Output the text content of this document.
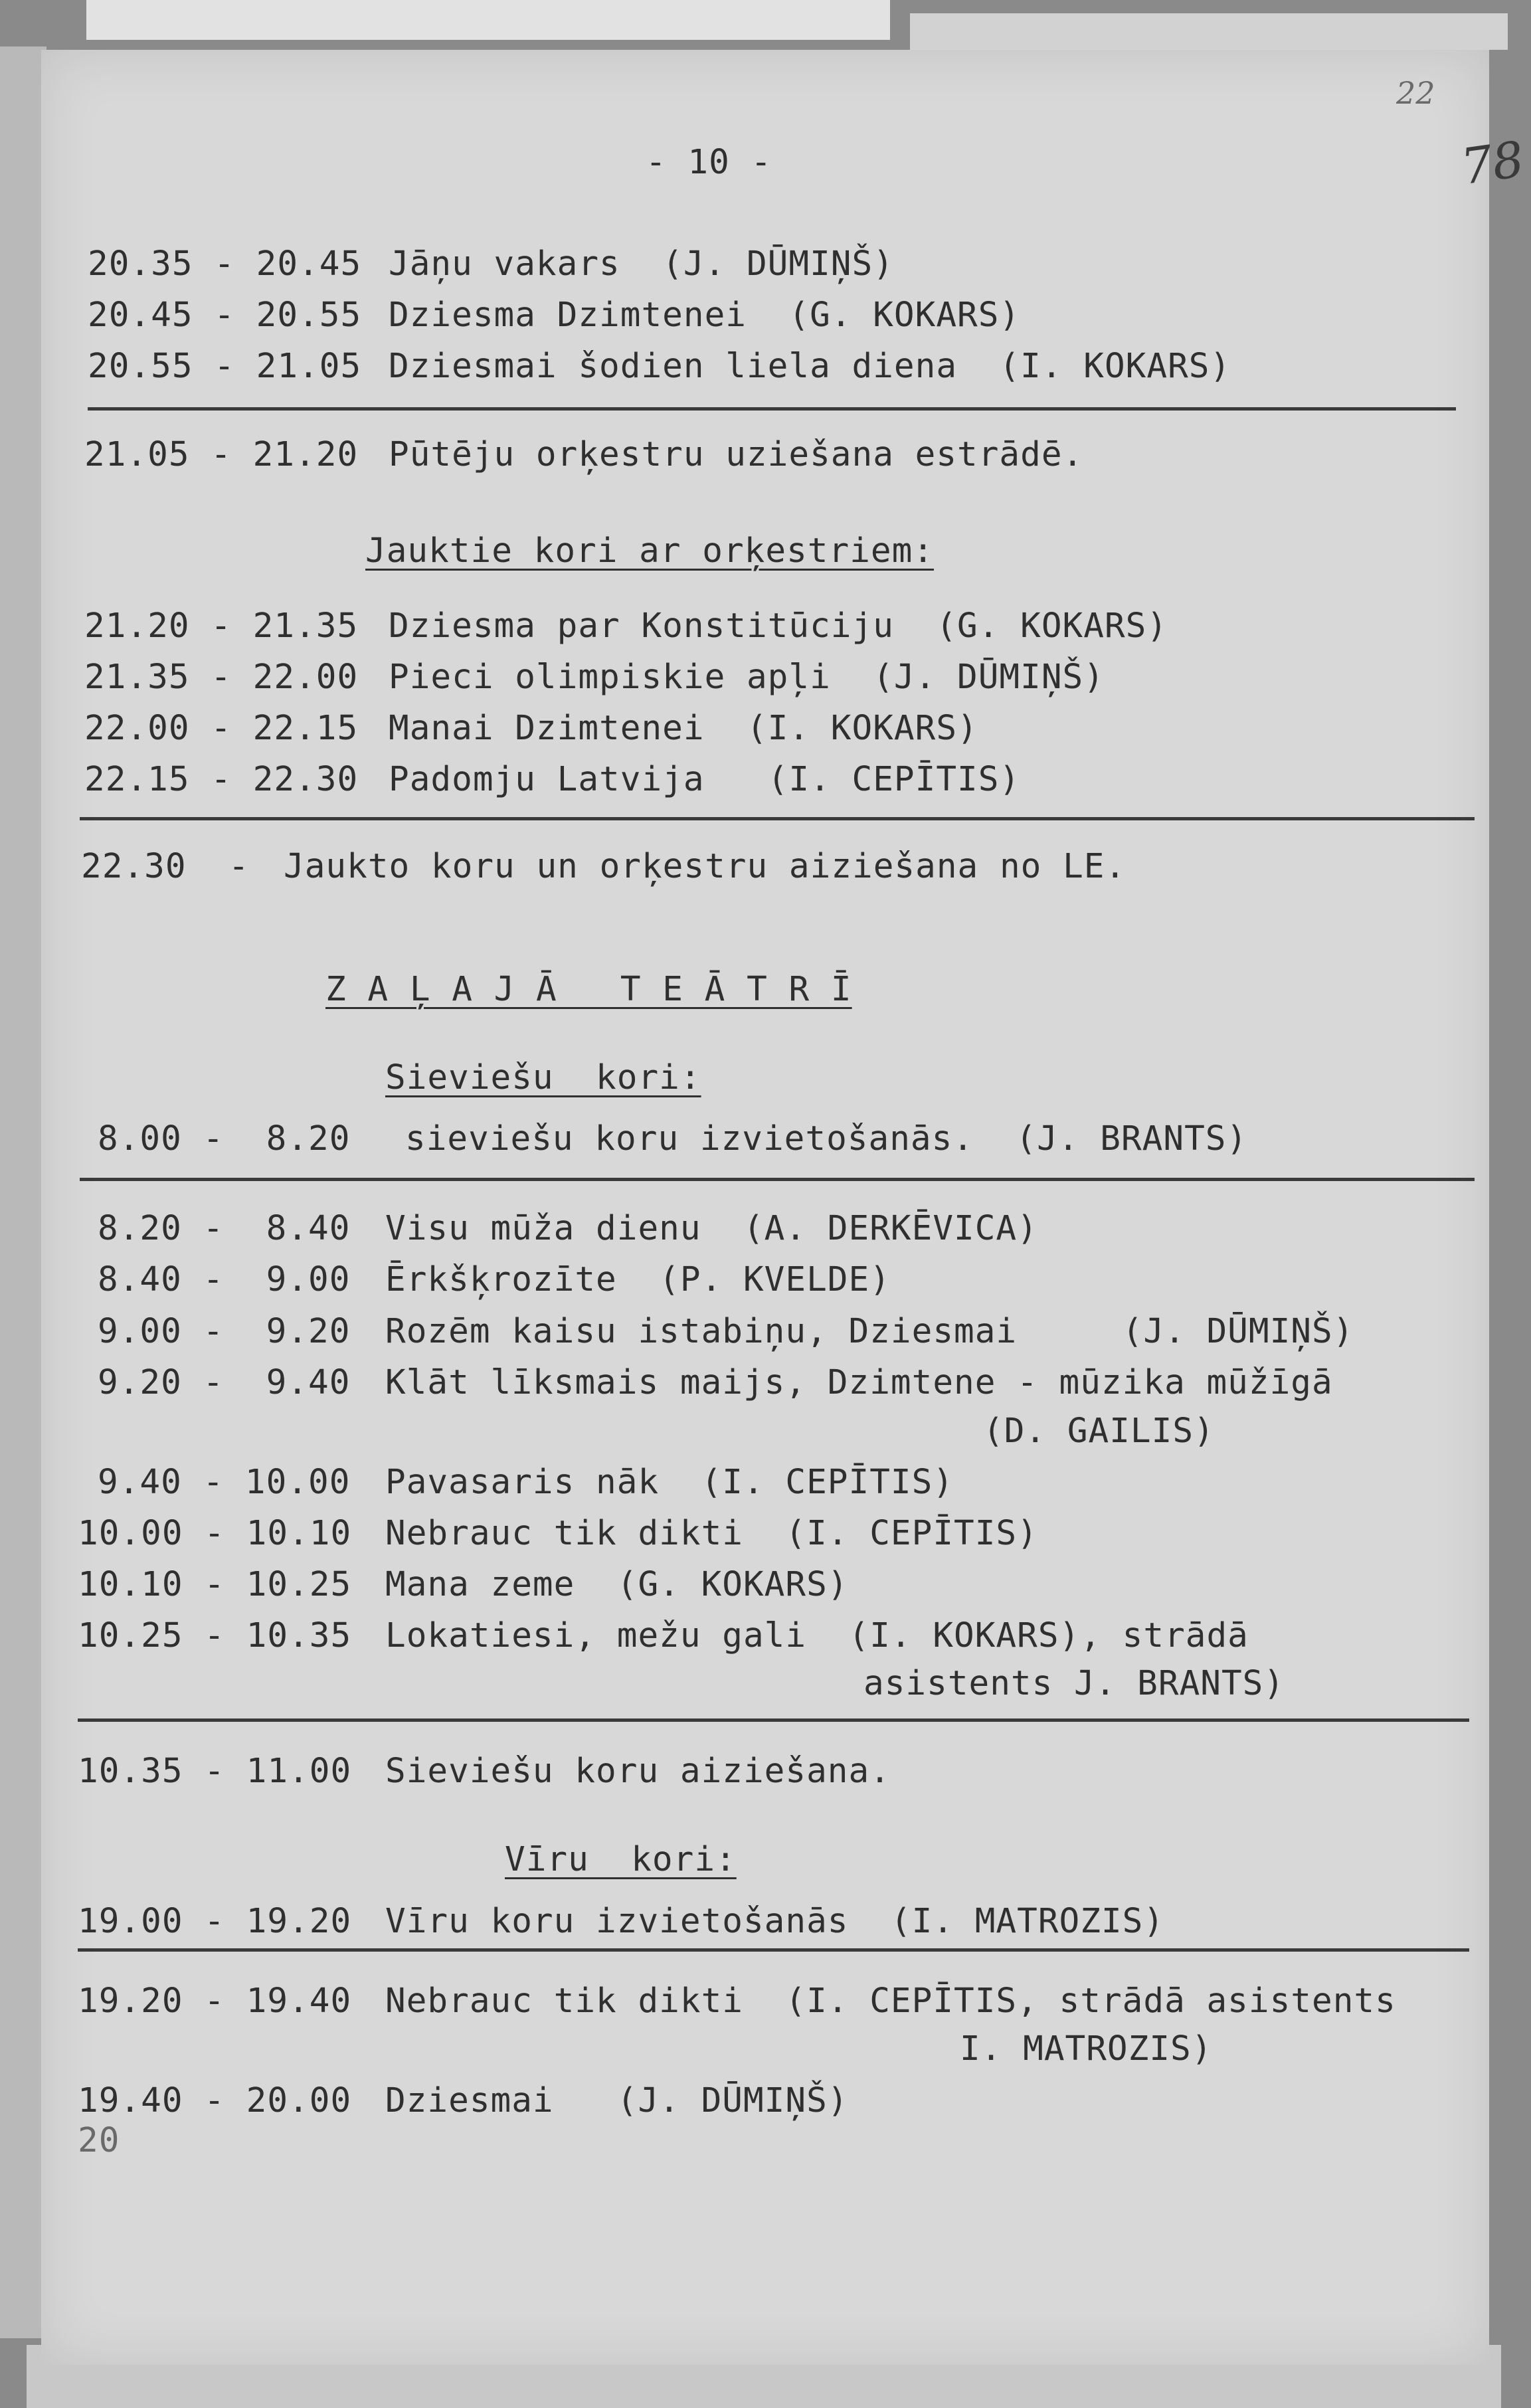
22
78
- 10 -
20.35 - 20.45 Jāņu vakars  (J. DŪMIŅŠ)
20.45 - 20.55 Dziesma Dzimtenei  (G. KOKARS)
20.55 - 21.05 Dziesmai šodien liela diena  (I. KOKARS)
21.05 - 21.20 Pūtēju orķestru uziešana estrādē.
Jauktie kori ar orķestriem:
21.20 - 21.35 Dziesma par Konstitūciju  (G. KOKARS)
21.35 - 22.00 Pieci olimpiskie apļi  (J. DŪMIŅŠ)
22.00 - 22.15 Manai Dzimtenei  (I. KOKARS)
22.15 - 22.30 Padomju Latvija   (I. CEPĪTIS)
22.30  - Jaukto koru un orķestru aiziešana no LE.
Z A Ļ A J Ā   T E Ā T R Ī
Sieviešu  kori:
8.00 -  8.20 sieviešu koru izvietošanās.  (J. BRANTS)
8.20 -  8.40 Visu mūža dienu  (A. DERKĒVICA)
8.40 -  9.00 Ērkšķrozīte  (P. KVELDE)
9.00 -  9.20 Rozēm kaisu istabiņu, Dziesmai     (J. DŪMIŅŠ)
9.20 -  9.40 Klāt līksmais maijs, Dzimtene - mūzika mūžīgā
(D. GAILIS)
9.40 - 10.00 Pavasaris nāk  (I. CEPĪTIS)
10.00 - 10.10 Nebrauc tik dikti  (I. CEPĪTIS)
10.10 - 10.25 Mana zeme  (G. KOKARS)
10.25 - 10.35 Lokatiesi, mežu gali  (I. KOKARS), strādā
asistents J. BRANTS)
10.35 - 11.00 Sieviešu koru aiziešana.
Vīru  kori:
19.00 - 19.20 Vīru koru izvietošanās  (I. MATROZIS)
19.20 - 19.40 Nebrauc tik dikti  (I. CEPĪTIS, strādā asistents
I. MATROZIS)
19.40 - 20.00 Dziesmai   (J. DŪMIŅŠ)
20
